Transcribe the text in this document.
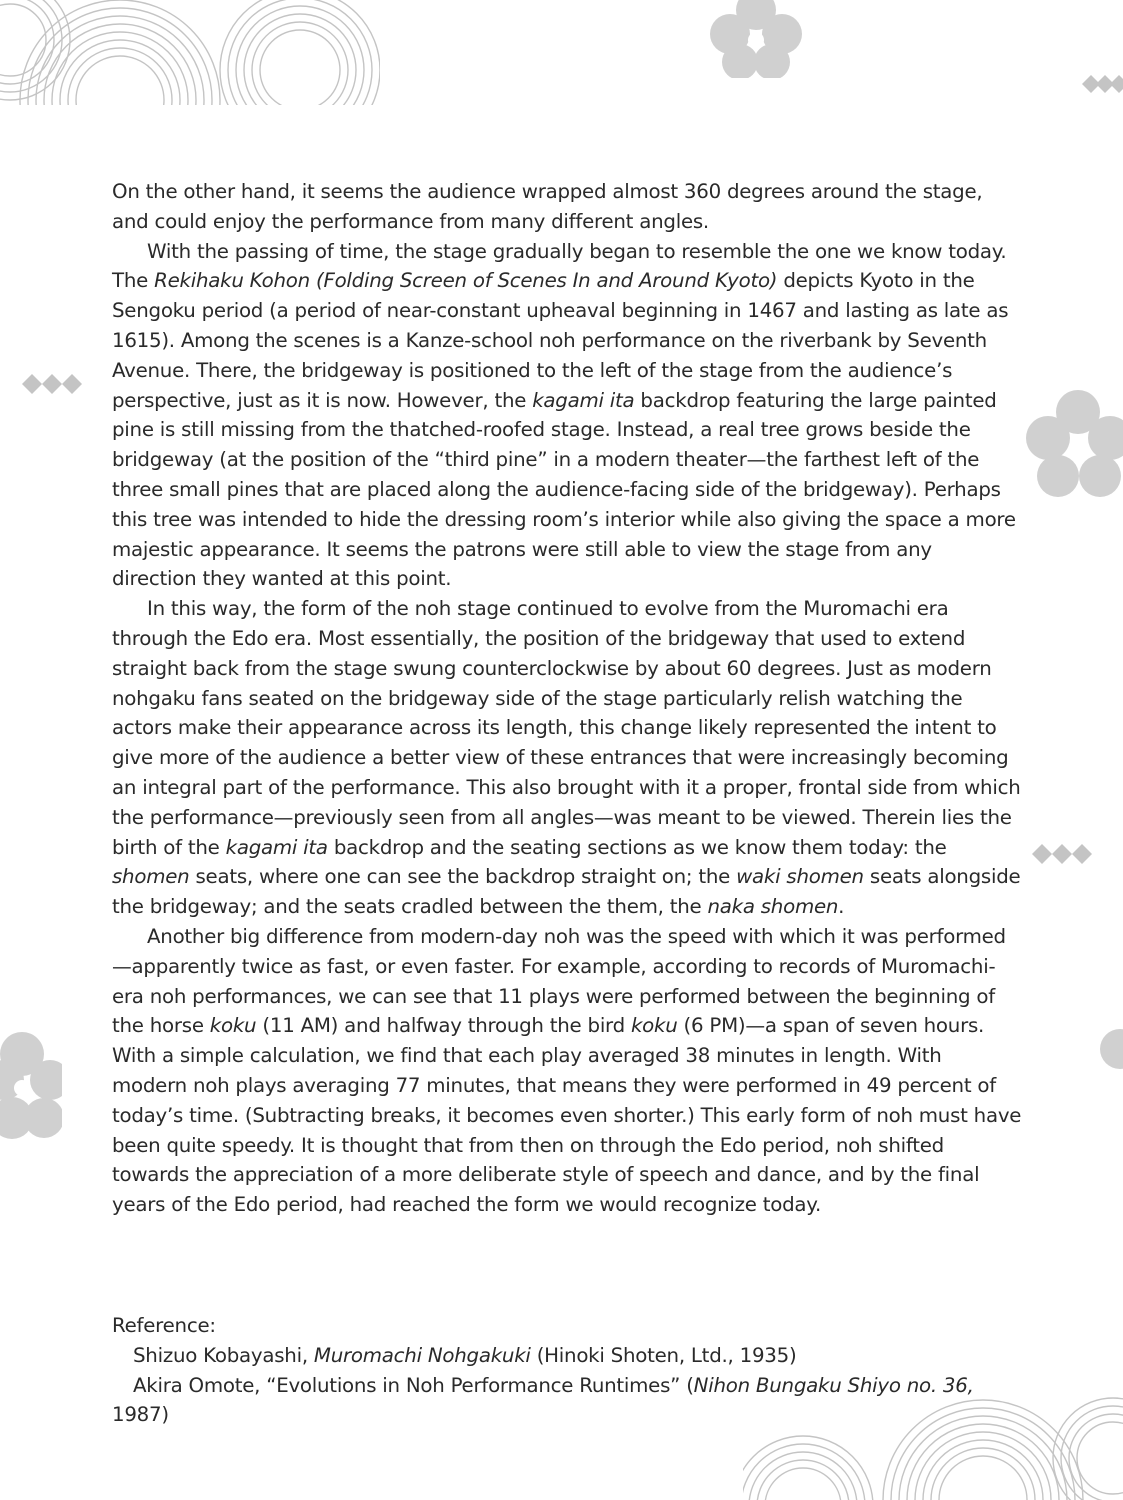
On the other hand, it seems the audience wrapped almost 360 degrees around the stage, and could enjoy the performance from many different angles.

With the passing of time, the stage gradually began to resemble the one we know today. The Rekihaku Kohon (Folding Screen of Scenes In and Around Kyoto) depicts Kyoto in the Sengoku period (a period of near-constant upheaval beginning in 1467 and lasting as late as 1615). Among the scenes is a Kanze-school noh performance on the riverbank by Seventh Avenue. There, the bridgeway is positioned to the left of the stage from the audience’s perspective, just as it is now. However, the kagami ita backdrop featuring the large painted pine is still missing from the thatched-roofed stage. Instead, a real tree grows beside the bridgeway (at the position of the “third pine” in a modern theater—the farthest left of the three small pines that are placed along the audience-facing side of the bridgeway). Perhaps this tree was intended to hide the dressing room’s interior while also giving the space a more majestic appearance. It seems the patrons were still able to view the stage from any direction they wanted at this point.

In this way, the form of the noh stage continued to evolve from the Muromachi era through the Edo era. Most essentially, the position of the bridgeway that used to extend straight back from the stage swung counterclockwise by about 60 degrees. Just as modern nohgaku fans seated on the bridgeway side of the stage particularly relish watching the actors make their appearance across its length, this change likely represented the intent to give more of the audience a better view of these entrances that were increasingly becoming an integral part of the performance. This also brought with it a proper, frontal side from which the performance—previously seen from all angles—was meant to be viewed. Therein lies the birth of the kagami ita backdrop and the seating sections as we know them today: the shomen seats, where one can see the backdrop straight on; the waki shomen seats alongside the bridgeway; and the seats cradled between the them, the naka shomen.

Another big difference from modern-day noh was the speed with which it was performed—apparently twice as fast, or even faster. For example, according to records of Muromachi-era noh performances, we can see that 11 plays were performed between the beginning of the horse koku (11 AM) and halfway through the bird koku (6 PM)—a span of seven hours. With a simple calculation, we find that each play averaged 38 minutes in length. With modern noh plays averaging 77 minutes, that means they were performed in 49 percent of today’s time. (Subtracting breaks, it becomes even shorter.) This early form of noh must have been quite speedy. It is thought that from then on through the Edo period, noh shifted towards the appreciation of a more deliberate style of speech and dance, and by the final years of the Edo period, had reached the form we would recognize today.

Reference:

Shizuo Kobayashi, Muromachi Nohgakuki (Hinoki Shoten, Ltd., 1935)

Akira Omote, “Evolutions in Noh Performance Runtimes” (Nihon Bungaku Shiyo no. 36, 1987)
